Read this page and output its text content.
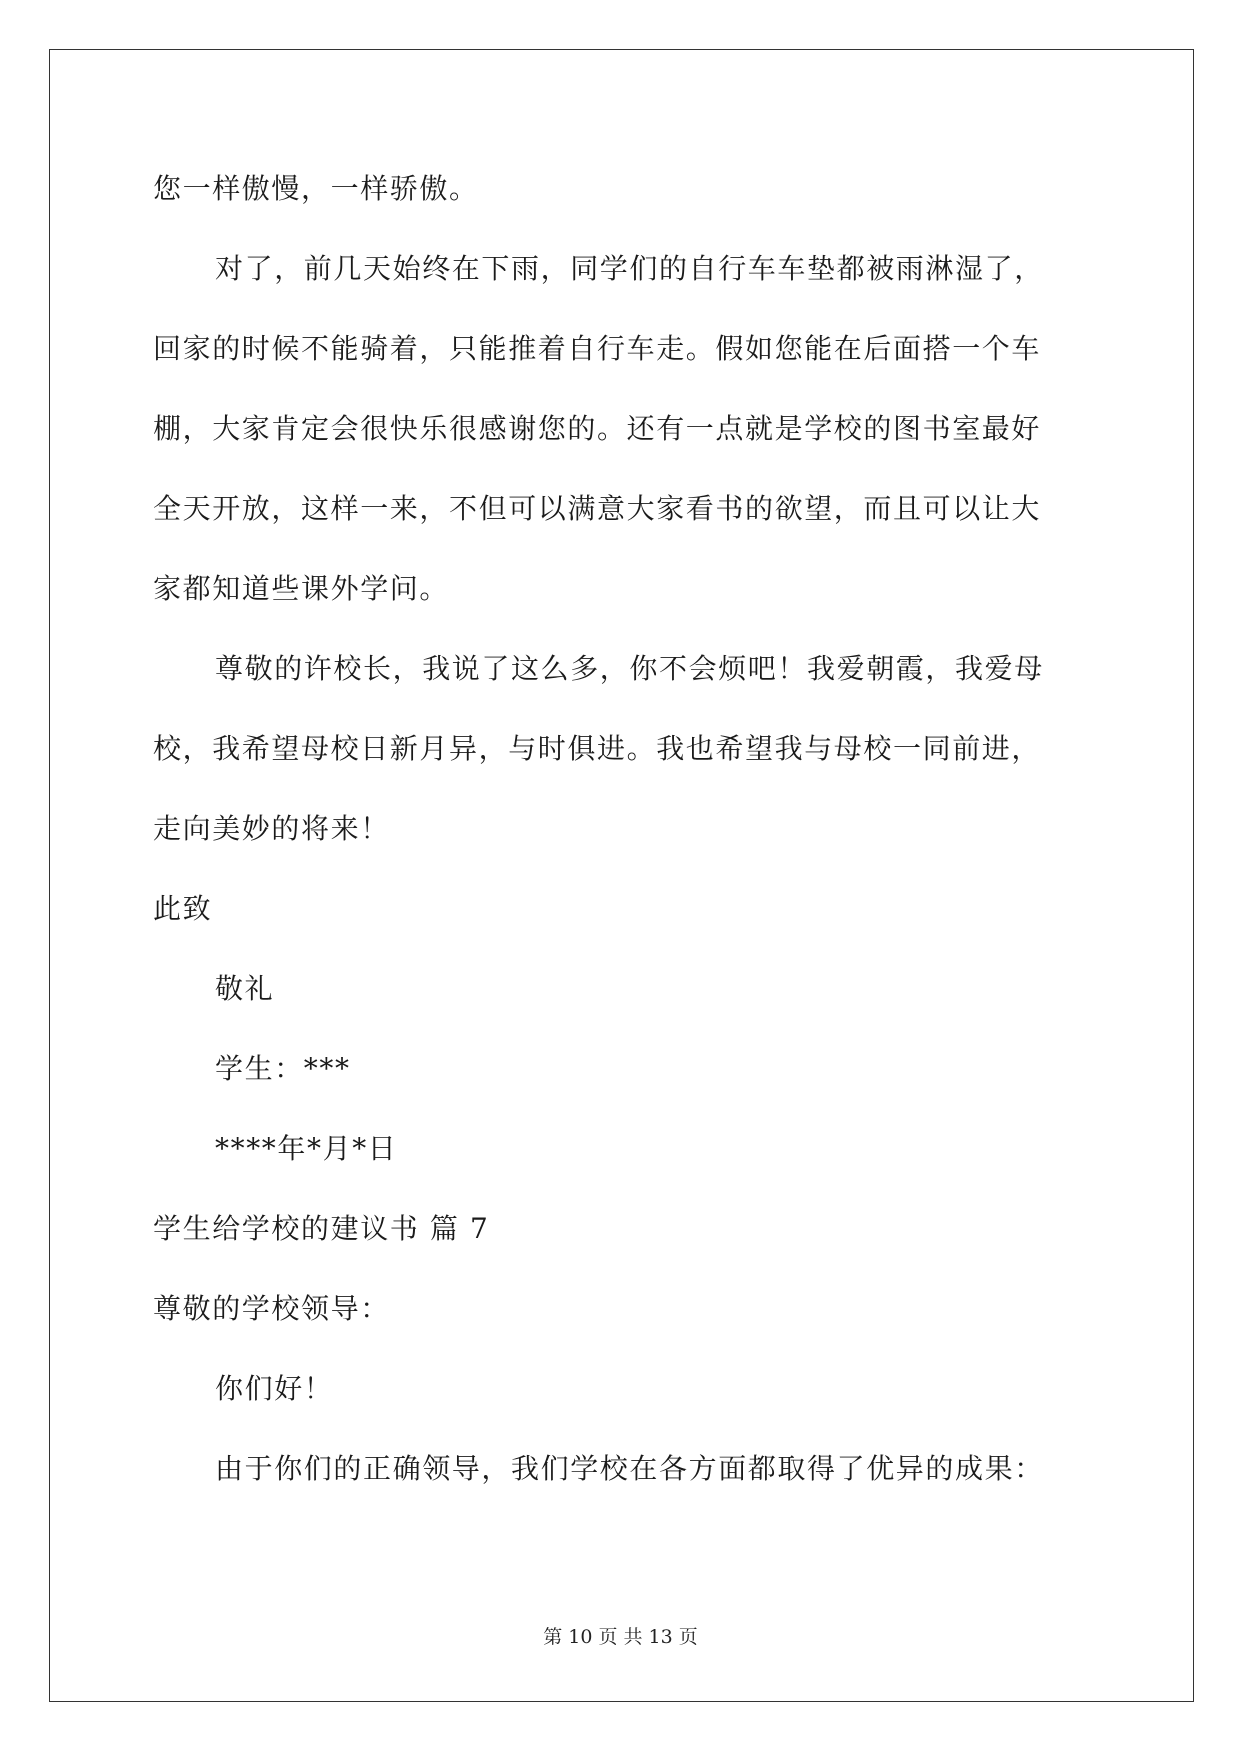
您一样傲慢，一样骄傲。
对了，前几天始终在下雨，同学们的自行车车垫都被雨淋湿了，
回家的时候不能骑着，只能推着自行车走。假如您能在后面搭一个车
棚，大家肯定会很快乐很感谢您的。还有一点就是学校的图书室最好
全天开放，这样一来，不但可以满意大家看书的欲望，而且可以让大
家都知道些课外学问。
尊敬的许校长，我说了这么多，你不会烦吧！我爱朝霞，我爱母
校，我希望母校日新月异，与时俱进。我也希望我与母校一同前进，
走向美妙的将来！
此致
敬礼
学生：***
****年*月*日
学生给学校的建议书 篇 7
尊敬的学校领导：
你们好！
由于你们的正确领导，我们学校在各方面都取得了优异的成果：
第 10 页 共 13 页
